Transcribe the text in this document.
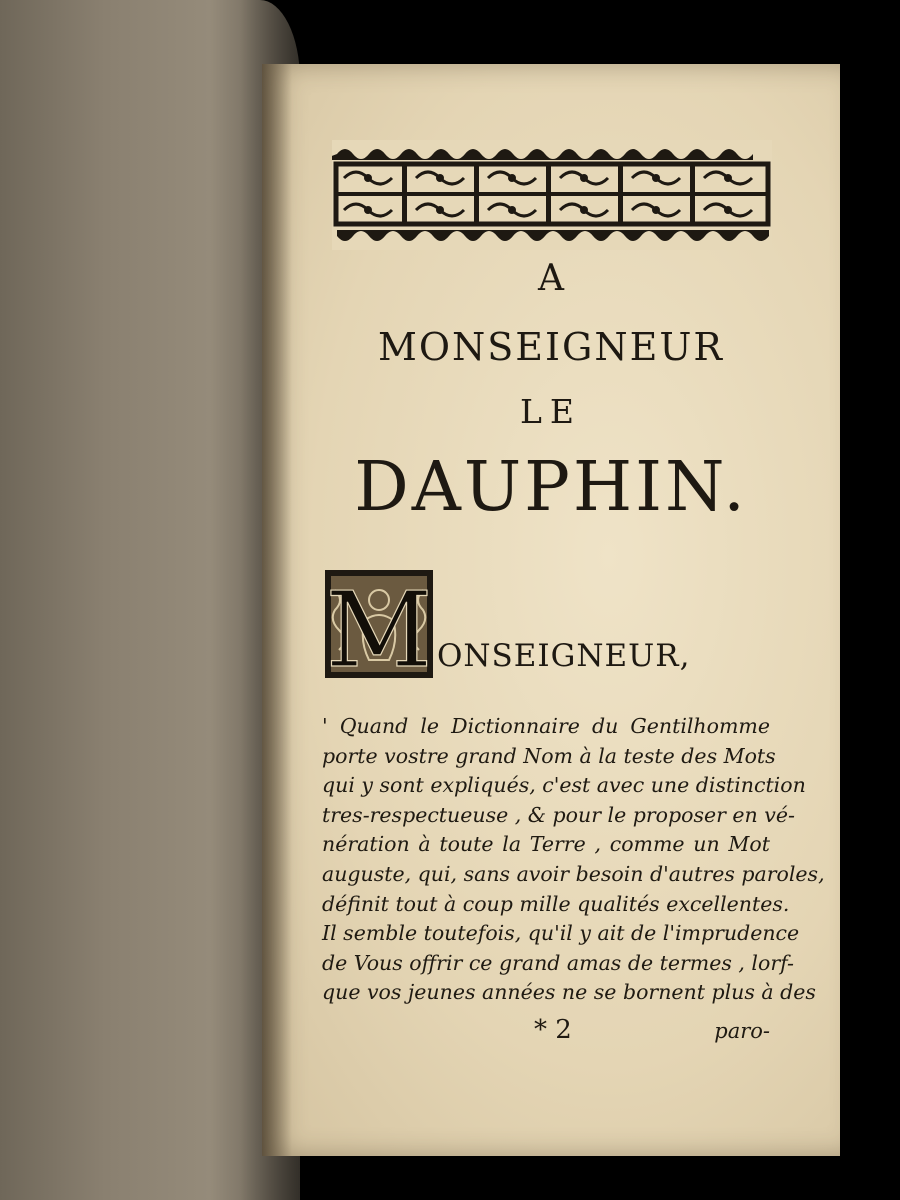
A
MONSEIGNEUR
LE
DAUPHIN.
M ONSEIGNEUR,
' Quand le Dictionnaire du Gentilhomme
porte vostre grand Nom à la teste des Mots
qui y sont expliqués, c'est avec une distinction
tres-respectueuse , & pour le proposer en vé-
nération à toute la Terre , comme un Mot
auguste, qui, sans avoir besoin d'autres paroles,
définit tout à coup mille qualités excellentes.
Il semble toutefois, qu'il y ait de l'imprudence
de Vous offrir ce grand amas de termes , lorf-
que vos jeunes années ne se bornent plus à des
* 2	paro-
